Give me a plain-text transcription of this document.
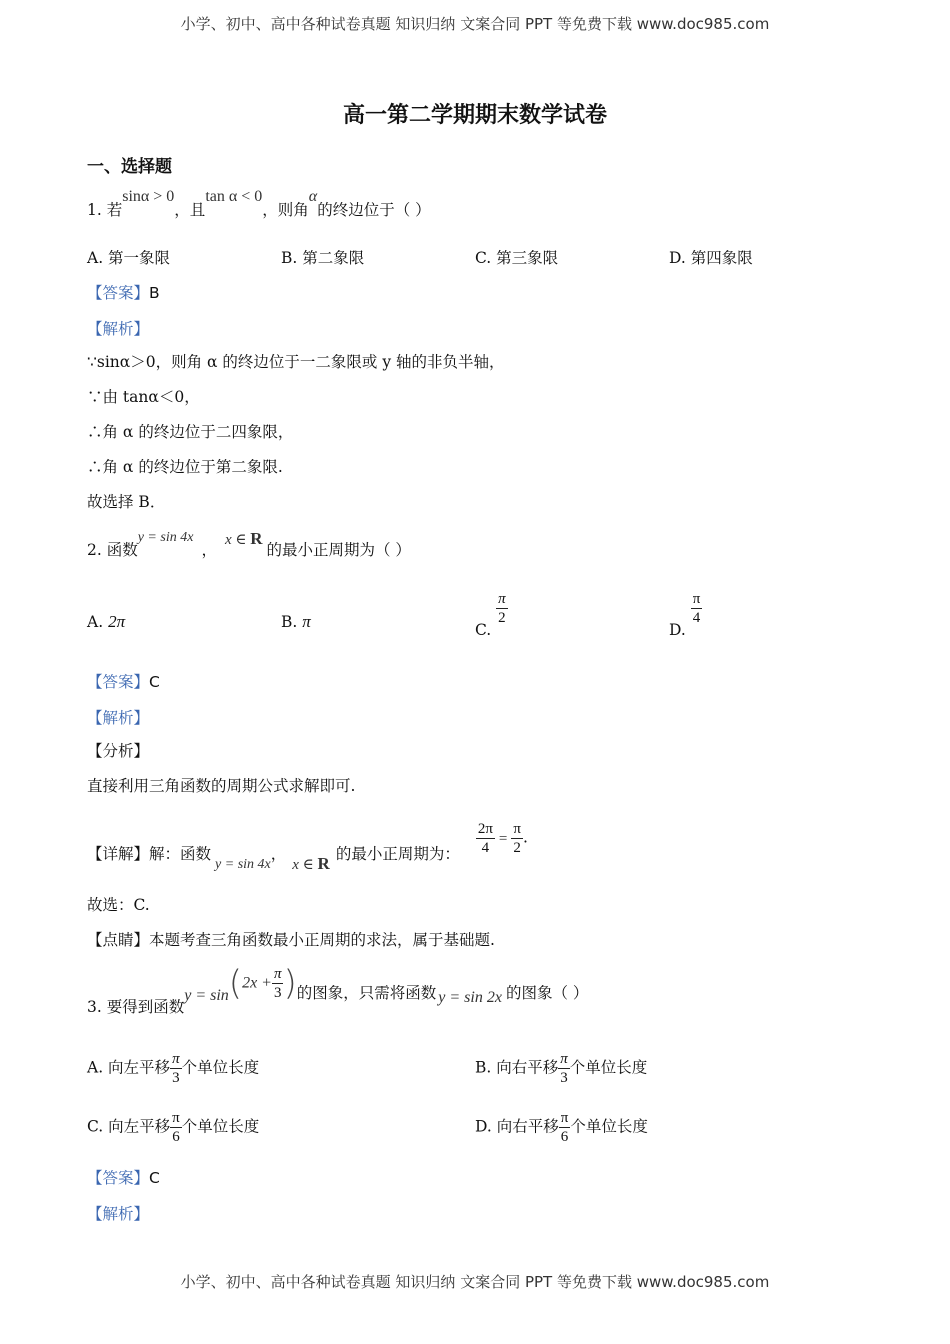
小学、初中、高中各种试卷真题 知识归纳 文案合同 PPT 等免费下载 www.doc985.com
高一第二学期期末数学试卷
一、选择题
1. 若sinα > 0，且tan α < 0，则角α的终边位于（ ）
A. 第一象限	B. 第二象限	C. 第三象限	D. 第四象限
【答案】B
【解析】
∵sinα＞0，则角 α 的终边位于一二象限或 y 轴的非负半轴，
∵由 tanα＜0，
∴角 α 的终边位于二四象限，
∴角 α 的终边位于第二象限.
故选择 B．
2. 函数y = sin 4x，x ∈ R的最小正周期为（ ）
A. 2π	B. π	C.
$\frac{\pi}{2}$
D.
$\frac{\pi}{4}$
【答案】C
【解析】
【分析】
直接利用三角函数的周期公式求解即可.
【详解】解：函数y = sin 4x，x ∈ R 的最小正周期为： $\frac{2\pi}{4} = \frac{\pi}{2}$ .
故选：C.
【点睛】本题考查三角函数最小正周期的求法，属于基础题.
3. 要得到函数$y = \sin(2x + \frac{\pi}{3}$ )的图象，只需将函数 y = sin 2x 的图象（ ）
A. 向左平移 $\frac{\pi}{3}$ 个单位长度	B. 向右平移 $\frac{\pi}{3}$ 个单位长度
C. 向左平移 $\frac{\pi}{6}$ 个单位长度	D. 向右平移 $\frac{\pi}{6}$ 个单位长度
【答案】C
【解析】
小学、初中、高中各种试卷真题 知识归纳 文案合同 PPT 等免费下载 www.doc985.com
